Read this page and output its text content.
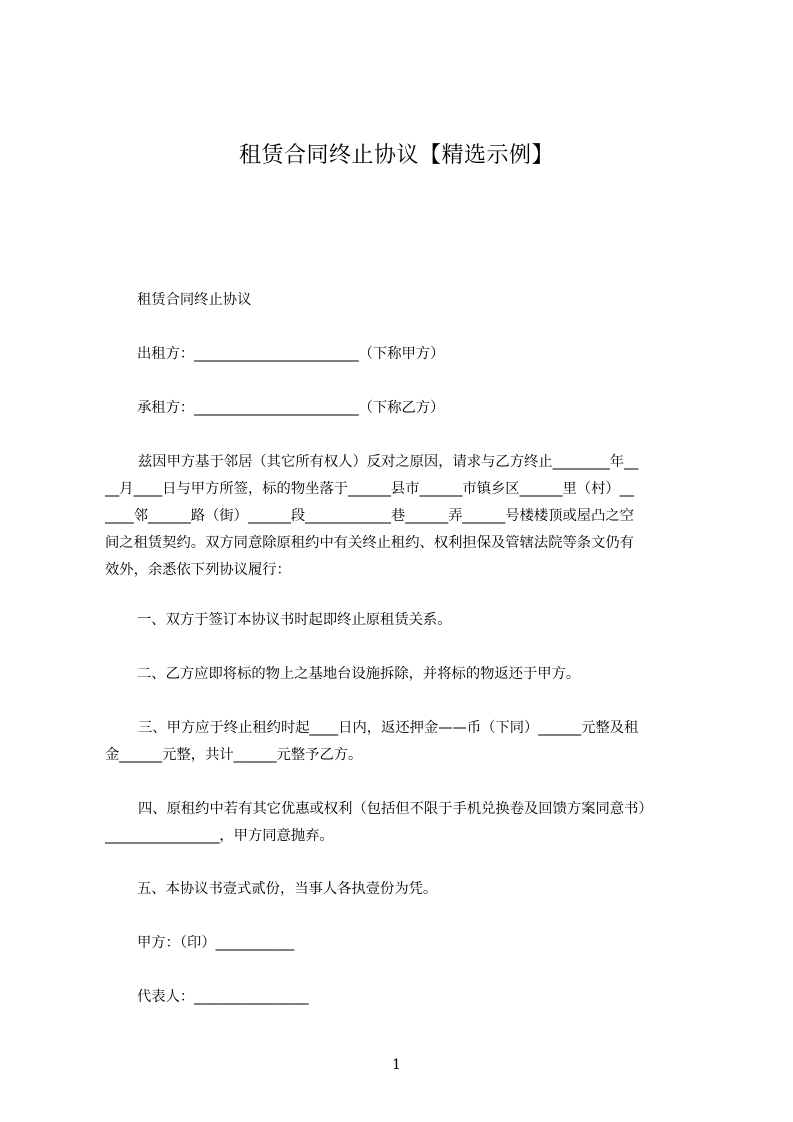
租赁合同终止协议【精选示例】
租赁合同终止协议
出租方：_______________________（下称甲方）
承租方：_______________________（下称乙方）
兹因甲方基于邻居（其它所有权人）反对之原因，请求与乙方终止________年__
__月____日与甲方所签，标的物坐落于______县市______市镇乡区______里（村）__
____邻______路（街）______段____________巷______弄______号楼楼顶或屋凸之空
间之租赁契约。双方同意除原租约中有关终止租约、权利担保及管辖法院等条文仍有
效外，余悉依下列协议履行：
一、双方于签订本协议书时起即终止原租赁关系。
二、乙方应即将标的物上之基地台设施拆除，并将标的物返还于甲方。
三、甲方应于终止租约时起____日内，返还押金——币（下同）______元整及租
金______元整，共计______元整予乙方。
四、原租约中若有其它优惠或权利（包括但不限于手机兑换卷及回馈方案同意书）
________________，甲方同意抛弃。
五、本协议书壹式贰份，当事人各执壹份为凭。
甲方：（印）___________
代表人：________________
1
